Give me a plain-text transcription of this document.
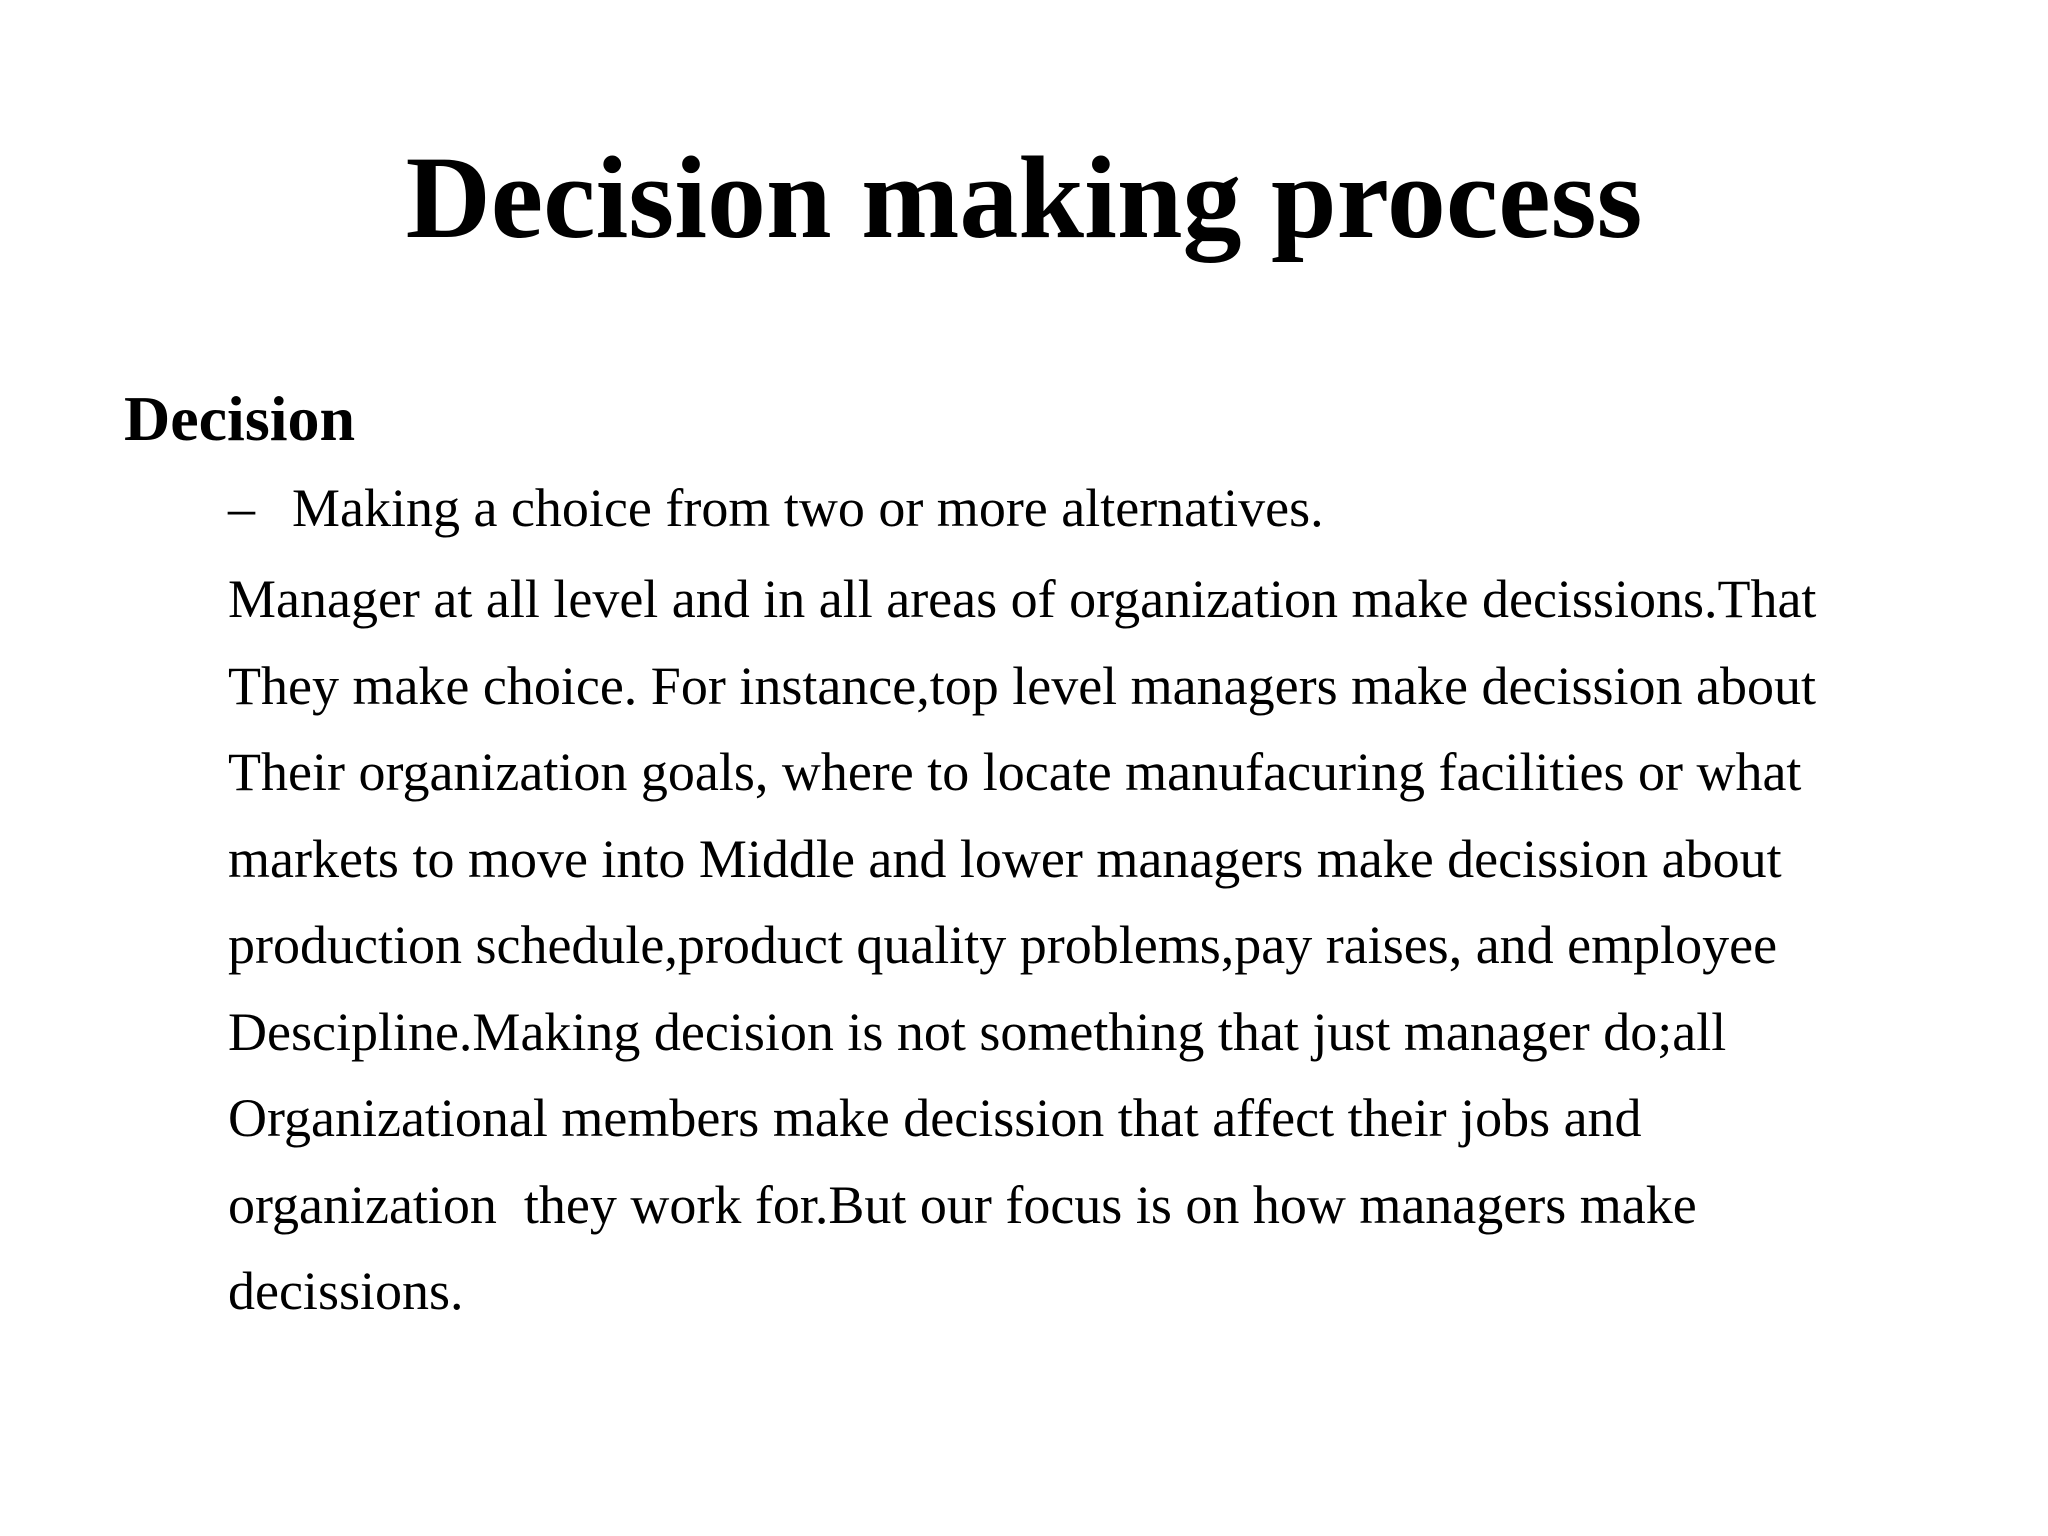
Decision making process
Decision
– Making a choice from two or more alternatives.
Manager at all level and in all areas of organization make decissions.That
They make choice. For instance,top level managers make decission about
Their organization goals, where to locate manufacuring facilities or what
markets to move into Middle and lower managers make decission about
production schedule,product quality problems,pay raises, and employee
Descipline.Making decision is not something that just manager do;all
Organizational members make decission that affect their jobs and
organization  they work for.But our focus is on how managers make
decissions.
